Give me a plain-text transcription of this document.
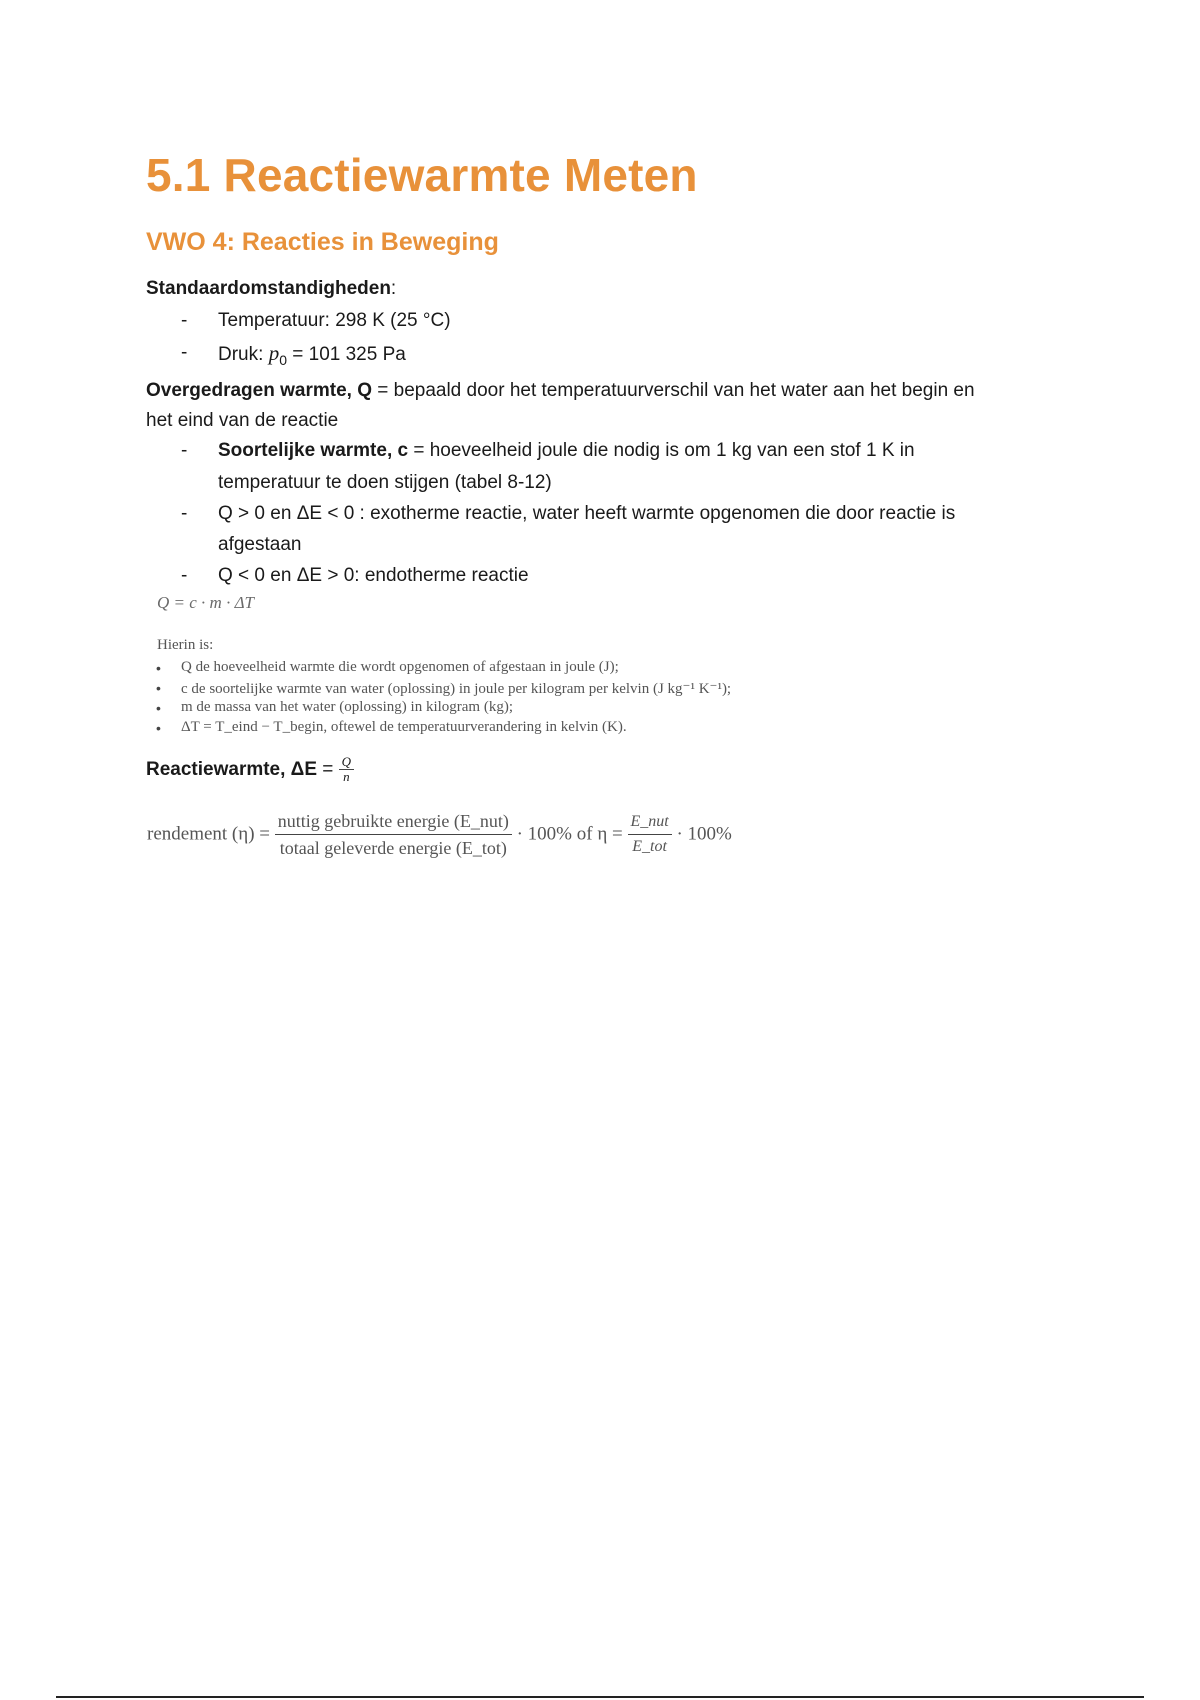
5.1 Reactiewarmte Meten
VWO 4: Reacties in Beweging
Standaardomstandigheden:
- Temperatuur: 298 K (25 °C)
- Druk: $p_0 = 101$ 325 Pa
Overgedragen warmte, Q = bepaald door het temperatuurverschil van het water aan het begin en
het eind van de reactie
- Soortelijke warmte, c = hoeveelheid joule die nodig is om 1 kg van een stof 1 K in
temperatuur te doen stijgen (tabel 8-12)
- Q > 0 en ΔE < 0 : exotherme reactie, water heeft warmte opgenomen die door reactie is
afgestaan
- Q < 0 en ΔE > 0: endotherme reactie
Q = c · m · ΔT
Hierin is:
• Q de hoeveelheid warmte die wordt opgenomen of afgestaan in joule (J);
• c de soortelijke warmte van water (oplossing) in joule per kilogram per kelvin (J kg⁻¹ K⁻¹);
• m de massa van het water (oplossing) in kilogram (kg);
• ΔT = T_eind − T_begin, oftewel de temperatuurverandering in kelvin (K).
Reactiewarmte, $\Delta E = \frac{Q}{n}$
rendement $(\eta) = \frac{\text{nuttig gebruikte energie (E\_nut)}}{\text{totaal geleverde energie (E\_tot)}} \cdot 100\%$ of $\eta = \frac{\text{E\_nut}}{\text{E\_tot}} \cdot 100\%$
